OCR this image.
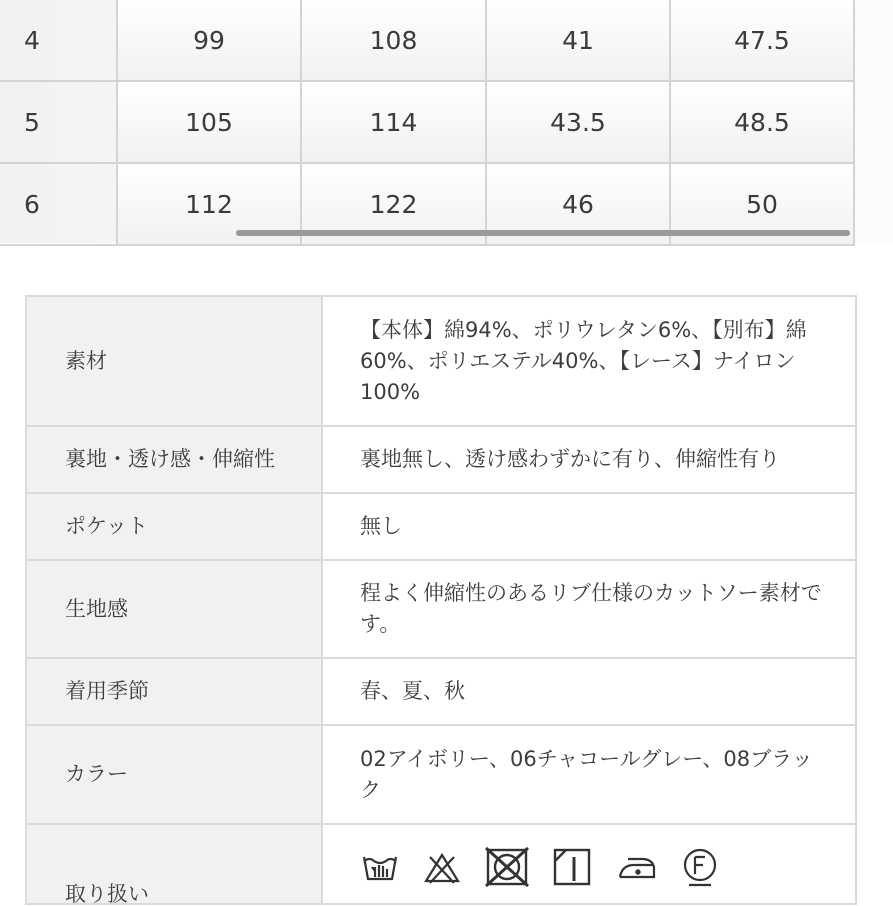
4	99	108	41	47.5
5	105	114	43.5	48.5
6	112	122	46	50
素材	【本体】綿94%、ポリウレタン6%、【別布】綿60%、ポリエステル40%、【レース】ナイロン100%
裏地・透け感・伸縮性	裏地無し、透け感わずかに有り、伸縮性有り
ポケット	無し
生地感	程よく伸縮性のあるリブ仕様のカットソー素材です。
着用季節	春、夏、秋
カラー	02アイボリー、06チャコールグレー、08ブラック
取り扱い	
